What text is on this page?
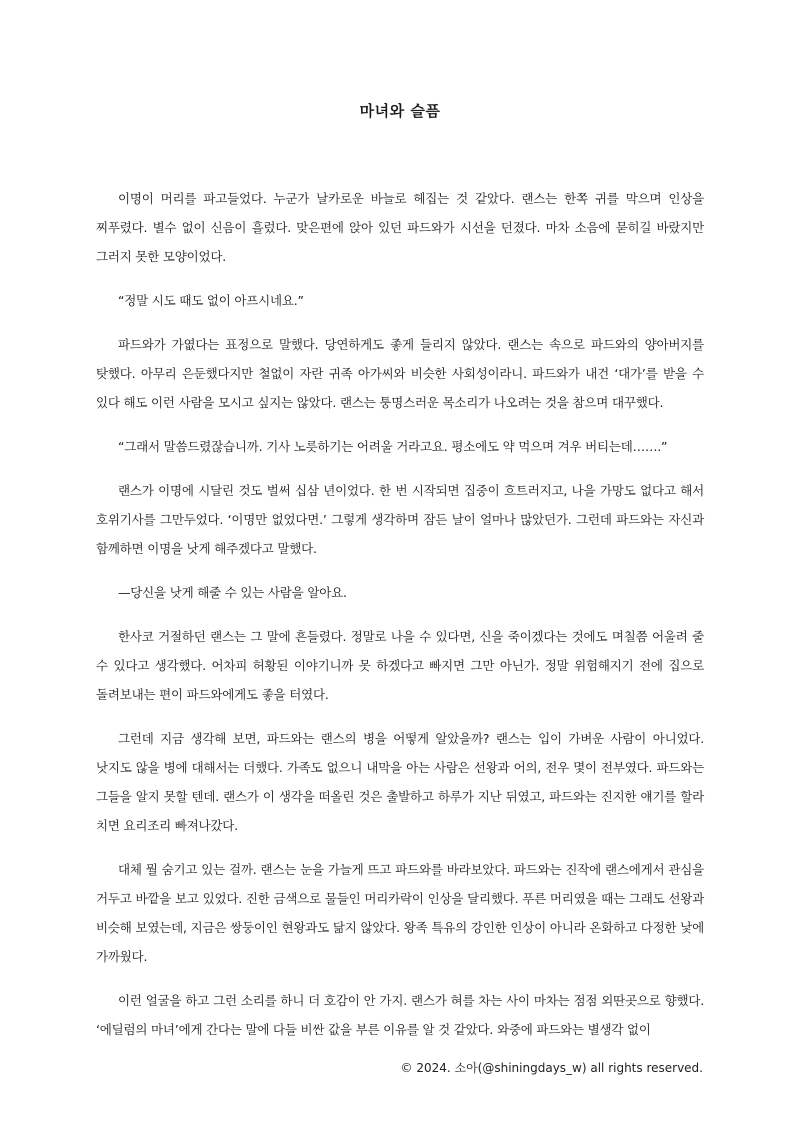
마녀와 슬픔

이명이 머리를 파고들었다. 누군가 날카로운 바늘로 헤집는 것 같았다. 랜스는 한쪽 귀를 막으며 인상을 찌푸렸다. 별수 없이 신음이 흘렀다. 맞은편에 앉아 있던 파드와가 시선을 던졌다. 마차 소음에 묻히길 바랐지만 그러지 못한 모양이었다.

“정말 시도 때도 없이 아프시네요.”

파드와가 가엾다는 표정으로 말했다. 당연하게도 좋게 들리지 않았다. 랜스는 속으로 파드와의 양아버지를 탓했다. 아무리 은둔했다지만 철없이 자란 귀족 아가씨와 비슷한 사회성이라니. 파드와가 내건 ‘대가’를 받을 수 있다 해도 이런 사람을 모시고 싶지는 않았다. 랜스는 퉁명스러운 목소리가 나오려는 것을 참으며 대꾸했다.

“그래서 말씀드렸잖습니까. 기사 노릇하기는 어려울 거라고요. 평소에도 약 먹으며 겨우 버티는데…….”

랜스가 이명에 시달린 것도 벌써 십삼 년이었다. 한 번 시작되면 집중이 흐트러지고, 나을 가망도 없다고 해서 호위기사를 그만두었다. ‘이명만 없었다면.’ 그렇게 생각하며 잠든 날이 얼마나 많았던가. 그런데 파드와는 자신과 함께하면 이명을 낫게 해주겠다고 말했다.

—당신을 낫게 해줄 수 있는 사람을 알아요.

한사코 거절하던 랜스는 그 말에 흔들렸다. 정말로 나을 수 있다면, 신을 죽이겠다는 것에도 며칠쯤 어울려 줄 수 있다고 생각했다. 어차피 허황된 이야기니까 못 하겠다고 빠지면 그만 아닌가. 정말 위험해지기 전에 집으로 돌려보내는 편이 파드와에게도 좋을 터였다.

그런데 지금 생각해 보면, 파드와는 랜스의 병을 어떻게 알았을까? 랜스는 입이 가벼운 사람이 아니었다. 낫지도 않을 병에 대해서는 더했다. 가족도 없으니 내막을 아는 사람은 선왕과 어의, 전우 몇이 전부였다. 파드와는 그들을 알지 못할 텐데. 랜스가 이 생각을 떠올린 것은 출발하고 하루가 지난 뒤였고, 파드와는 진지한 얘기를 할라 치면 요리조리 빠져나갔다.

대체 뭘 숨기고 있는 걸까. 랜스는 눈을 가늘게 뜨고 파드와를 바라보았다. 파드와는 진작에 랜스에게서 관심을 거두고 바깥을 보고 있었다. 진한 금색으로 물들인 머리카락이 인상을 달리했다. 푸른 머리였을 때는 그래도 선왕과 비슷해 보였는데, 지금은 쌍둥이인 현왕과도 닮지 않았다. 왕족 특유의 강인한 인상이 아니라 온화하고 다정한 낯에 가까웠다.

이런 얼굴을 하고 그런 소리를 하니 더 호감이 안 가지. 랜스가 혀를 차는 사이 마차는 점점 외딴곳으로 향했다. ‘에딜럼의 마녀’에게 간다는 말에 다들 비싼 값을 부른 이유를 알 것 같았다. 와중에 파드와는 별생각 없이

© 2024. 소아(@shiningdays_w) all rights reserved.
